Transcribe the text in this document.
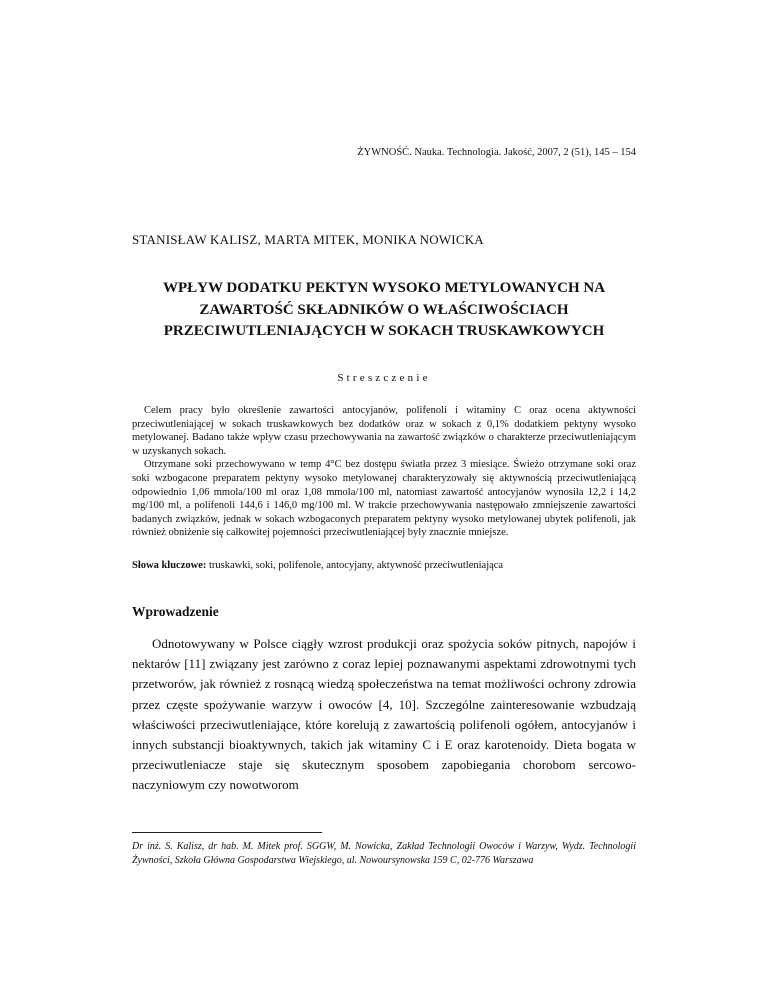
ŻYWNOŚĆ. Nauka. Technologia. Jakość, 2007, 2 (51), 145 – 154
STANISŁAW KALISZ, MARTA MITEK, MONIKA NOWICKA
WPŁYW DODATKU PEKTYN WYSOKO METYLOWANYCH NA
ZAWARTOŚĆ SKŁADNIKÓW O WŁAŚCIWOŚCIACH
PRZECIWUTLENIAJĄCYCH W SOKACH TRUSKAWKOWYCH
Streszczenie

Celem pracy było określenie zawartości antocyjanów, polifenoli i witaminy C oraz ocena aktywności przeciwutleniającej w sokach truskawkowych bez dodatków oraz w sokach z 0,1% dodatkiem pektyny wysoko metylowanej. Badano także wpływ czasu przechowywania na zawartość związków o charakterze przeciwutleniającym w uzyskanych sokach.

Otrzymane soki przechowywano w temp 4°C bez dostępu światła przez 3 miesiące. Świeżo otrzymane soki oraz soki wzbogacone preparatem pektyny wysoko metylowanej charakteryzowały się aktywnością przeciwutleniającą odpowiednio 1,06 mmola/100 ml oraz 1,08 mmola/100 ml, natomiast zawartość antocyjanów wynosiła 12,2 i 14,2 mg/100 ml, a polifenoli 144,6 i 146,0 mg/100 ml. W trakcie przechowywania następowało zmniejszenie zawartości badanych związków, jednak w sokach wzbogaconych preparatem pektyny wysoko metylowanej ubytek polifenoli, jak również obniżenie się całkowitej pojemności przeciwutleniającej były znacznie mniejsze.

Słowa kluczowe: truskawki, soki, polifenole, antocyjany, aktywność przeciwutleniająca
Wprowadzenie

Odnotowywany w Polsce ciągły wzrost produkcji oraz spożycia soków pitnych, napojów i nektarów [11] związany jest zarówno z coraz lepiej poznawanymi aspektami zdrowotnymi tych przetworów, jak również z rosnącą wiedzą społeczeństwa na temat możliwości ochrony zdrowia przez częste spożywanie warzyw i owoców [4, 10]. Szczególne zainteresowanie wzbudzają właściwości przeciwutleniające, które korelują z zawartością polifenoli ogółem, antocyjanów i innych substancji bioaktywnych, takich jak witaminy C i E oraz karotenoidy. Dieta bogata w przeciwutleniacze staje się skutecznym sposobem zapobiegania chorobom sercowo-naczyniowym czy nowotworom

Dr inż. S. Kalisz, dr hab. M. Mitek prof. SGGW, M. Nowicka, Zakład Technologii Owoców i Warzyw, Wydz. Technologii Żywności, Szkoła Główna Gospodarstwa Wiejskiego, ul. Nowoursynowska 159 C, 02-776 Warszawa
